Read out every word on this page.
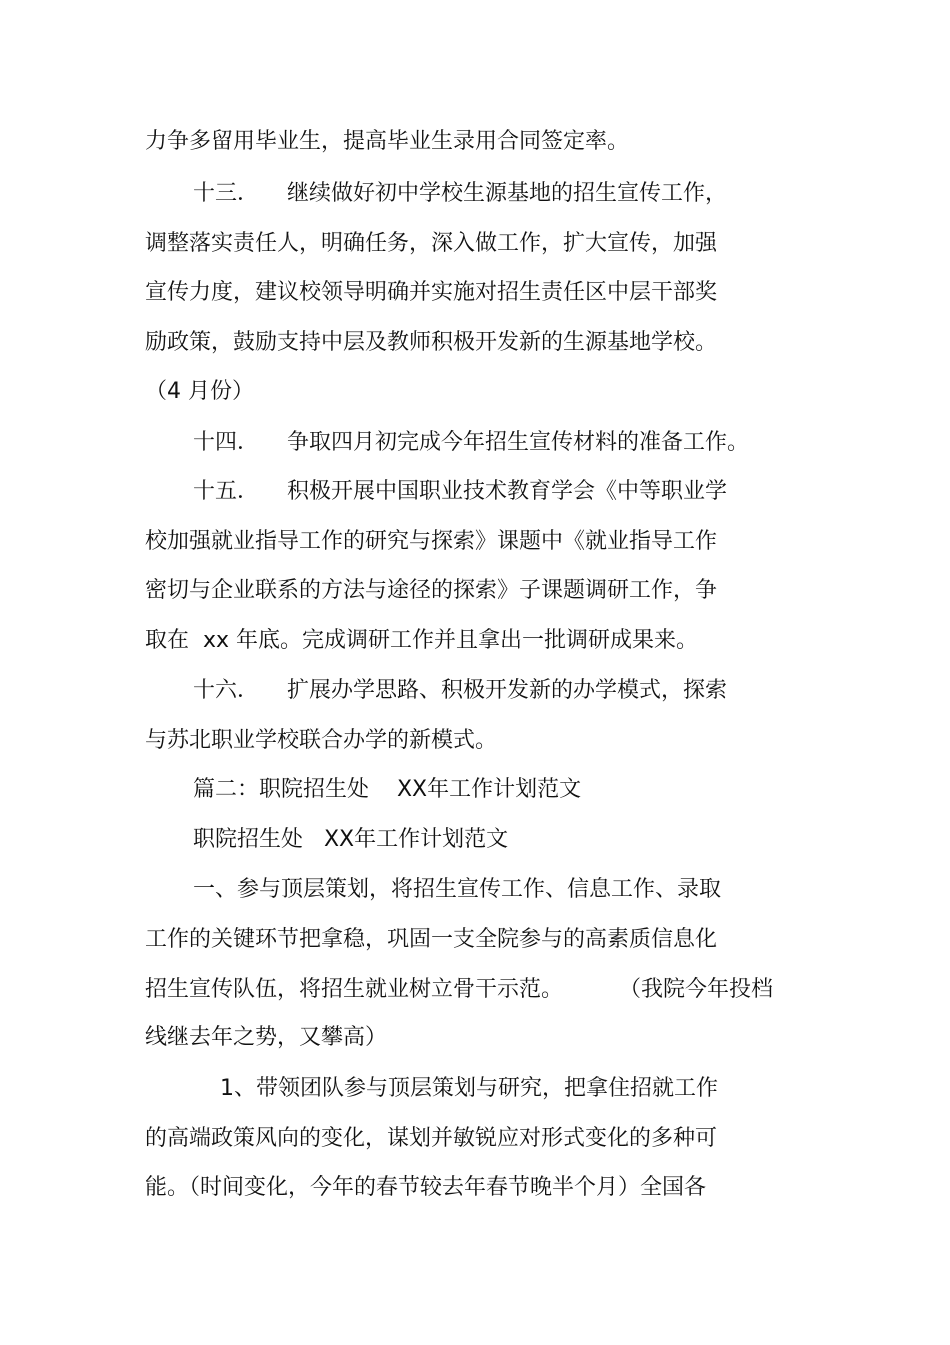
力争多留用毕业生，提高毕业生录用合同签定率。
十三．    继续做好初中学校生源基地的招生宣传工作，
调整落实责任人，明确任务，深入做工作，扩大宣传，加强
宣传力度，建议校领导明确并实施对招生责任区中层干部奖
励政策，鼓励支持中层及教师积极开发新的生源基地学校。
（4 月份）
十四．    争取四月初完成今年招生宣传材料的准备工作。
十五．    积极开展中国职业技术教育学会《中等职业学
校加强就业指导工作的研究与探索》课题中《就业指导工作
密切与企业联系的方法与途径的探索》子课题调研工作，争
取在  xx 年底。完成调研工作并且拿出一批调研成果来。
十六．    扩展办学思路、积极开发新的办学模式，探索
与苏北职业学校联合办学的新模式。
篇二：职院招生处    XX年工作计划范文
职院招生处   XX年工作计划范文
一、参与顶层策划，将招生宣传工作、信息工作、录取
工作的关键环节把拿稳，巩固一支全院参与的高素质信息化
招生宣传队伍，将招生就业树立骨干示范。        （我院今年投档
线继去年之势，又攀高）
1、带领团队参与顶层策划与研究，把拿住招就工作
的高端政策风向的变化，谋划并敏锐应对形式变化的多种可
能。（时间变化，今年的春节较去年春节晚半个月）全国各
